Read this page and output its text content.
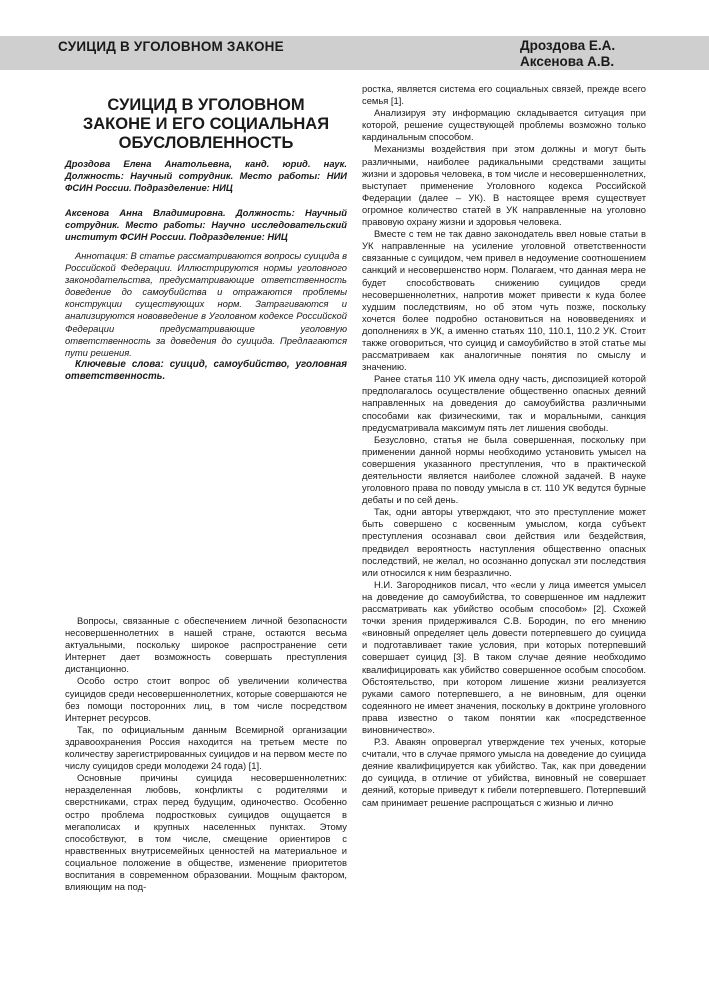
СУИЦИД В УГОЛОВНОМ ЗАКОНЕ	Дроздова Е.А.
Аксенова А.В.
СУИЦИД В УГОЛОВНОМ
ЗАКОНЕ И ЕГО СОЦИАЛЬНАЯ
ОБУСЛОВЛЕННОСТЬ
Дроздова Елена Анатольевна, канд. юрид. наук. Должность: Научный сотрудник. Место работы: НИИ ФСИН России. Подразделение: НИЦ
Аксенова Анна Владимировна. Должность: Научный сотрудник. Место работы: Научно исследовательский институт ФСИН России. Подразделение: НИЦ

Аннотация: В статье рассматриваются вопросы суицида в Российской Федерации. Иллюстрируются нормы уголовного законодательства, предусматривающие ответственность доведение до самоубийства и отражаются проблемы конструкции существующих норм. Затрагиваются и анализируются нововведение в Уголовном кодексе Российской Федерации предусматривающие уголовную ответственность за доведения до суицида. Предлагаются пути решения.

Ключевые слова: суицид, самоубийство, уголовная ответственность.

Вопросы, связанные с обеспечением личной безопасности несовершеннолетних в нашей стране, остаются весьма актуальными, поскольку широкое распространение сети Интернет дает возможность совершать преступления дистанционно.

Особо остро стоит вопрос об увеличении количества суицидов среди несовершеннолетних, которые совершаются не без помощи посторонних лиц, в том числе посредством Интернет ресурсов.

Так, по официальным данным Всемирной организации здравоохранения Россия находится на третьем месте по количеству зарегистрированных суицидов и на первом месте по числу суицидов среди молодежи 24 года) [1].

Основные причины суицида несовершеннолетних: неразделенная любовь, конфликты с родителями и сверстниками, страх перед будущим, одиночество. Особенно остро проблема подростковых суицидов ощущается в мегаполисах и крупных населенных пунктах. Этому способствуют, в том числе, смещение ориентиров с нравственных внутрисемейных ценностей на материальное и социальное положение в обществе, изменение приоритетов воспитания в современном образовании. Мощным фактором, влияющим на под-

ростка, является система его социальных связей, прежде всего семья [1].

Анализируя эту информацию складывается ситуация при которой, решение существующей проблемы возможно только кардинальным способом.

Механизмы воздействия при этом должны и могут быть различными, наиболее радикальными средствами защиты жизни и здоровья человека, в том числе и несовершеннолетних, выступает применение Уголовного кодекса Российской Федерации (далее – УК). В настоящее время существует огромное количество статей в УК направленные на уголовно правовую охрану жизни и здоровья человека.

Вместе с тем не так давно законодатель ввел новые статьи в УК направленные на усиление уголовной ответственности связанные с суицидом, чем привел в недоумение соотношением санкций и несовершенство норм. Полагаем, что данная мера не будет способствовать снижению суицидов среди несовершеннолетних, напротив может привести к куда более худшим последствиям, но об этом чуть позже, поскольку хочется более подробно остановиться на нововведениях и дополнениях в УК, а именно статьях 110, 110.1, 110.2 УК. Стоит также оговориться, что суицид и самоубийство в этой статье мы рассматриваем как аналогичные понятия по смыслу и значению.

Ранее статья 110 УК имела одну часть, диспозицией которой предполагалось осуществление общественно опасных деяний направленных на доведения до самоубийства различными способами как физическими, так и моральными, санкция предусматривала максимум пять лет лишения свободы.

Безусловно, статья не была совершенная, поскольку при применении данной нормы необходимо установить умысел на совершения указанного преступления, что в практической деятельности является наиболее сложной задачей. В науке уголовного права по поводу умысла в ст. 110 УК ведутся бурные дебаты и по сей день.

Так, одни авторы утверждают, что это преступление может быть совершено с косвенным умыслом, когда субъект преступления осознавал свои действия или бездействия, предвидел вероятность наступления общественно опасных последствий, не желал, но осознанно допускал эти последствия или относился к ним безразлично.

Н.И. Загородников писал, что «если у лица имеется умысел на доведение до самоубийства, то совершенное им надлежит рассматривать как убийство особым способом» [2]. Схожей точки зрения придерживался С.В. Бородин, по его мнению «виновный определяет цель довести потерпевшего до суицида и подготавливает такие условия, при которых потерпевший совершает суицид [3]. В таком случае деяние необходимо квалифицировать как убийство совершенное особым способом. Обстоятельство, при котором лишение жизни реализуется руками самого потерпевшего, а не виновным, для оценки содеянного не имеет значения, поскольку в доктрине уголовного права известно о таком понятии как «посредственное виновничество».

Р.З. Авакян опровергал утверждение тех ученых, которые считали, что в случае прямого умысла на доведение до суицида деяние квалифицируется как убийство. Так, как при доведении до суицида, в отличие от убийства, виновный не совершает деяний, которые приведут к гибели потерпевшего. Потерпевший сам принимает решение распрощаться с жизнью и лично
